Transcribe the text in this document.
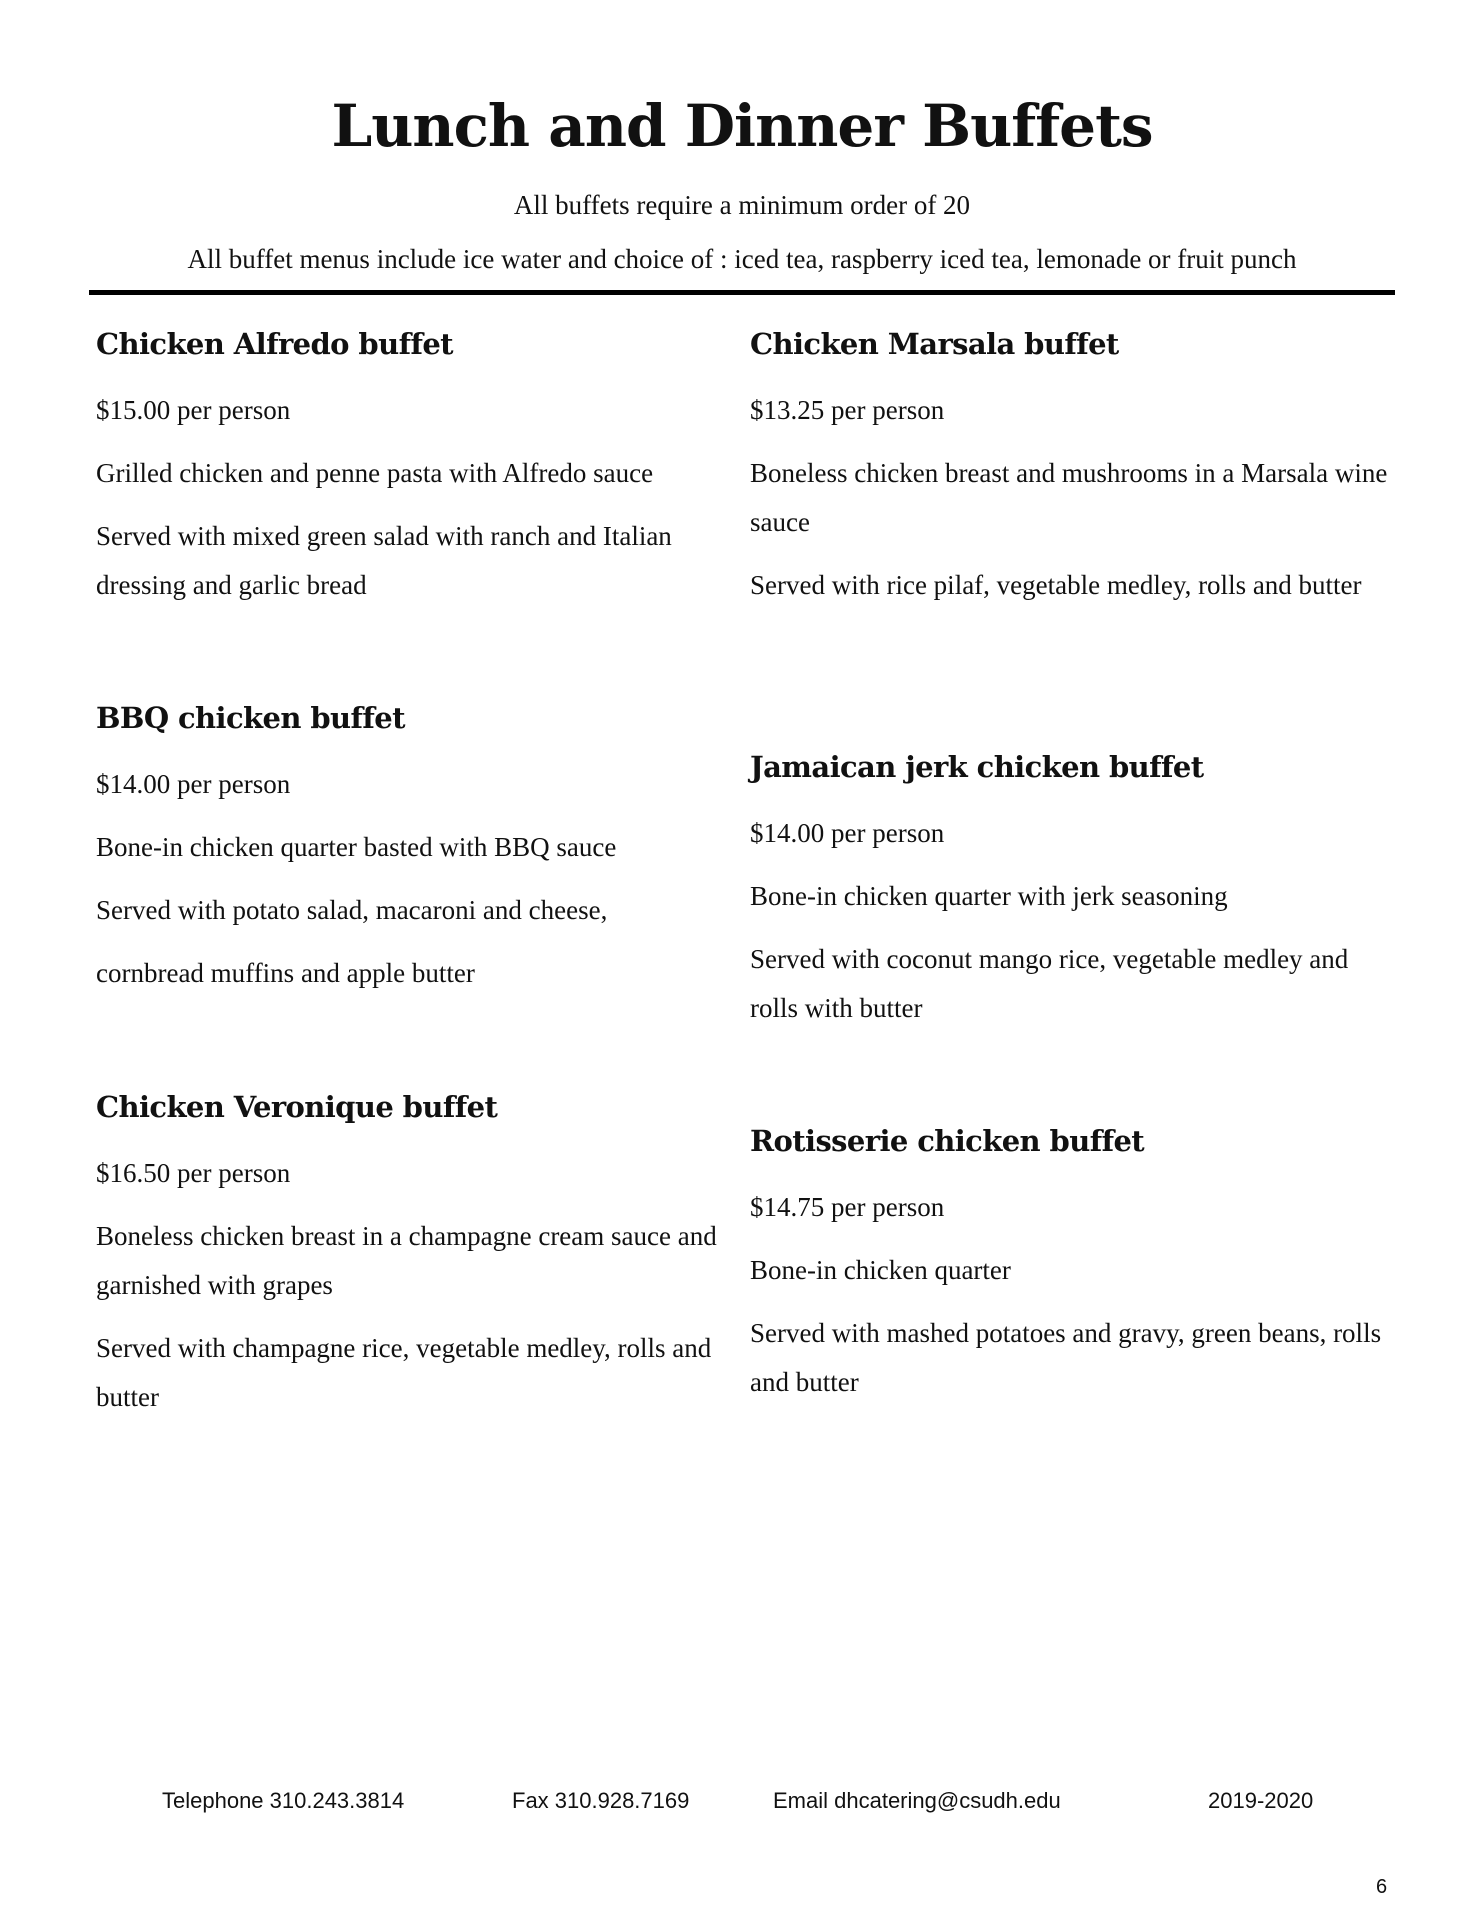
Lunch and Dinner Buffets
All buffets require a minimum order of 20
All buffet menus include ice water and choice of : iced tea, raspberry iced tea, lemonade or fruit punch
Chicken Alfredo buffet
$15.00 per person
Grilled chicken and penne pasta with Alfredo sauce
Served with mixed green salad with ranch and Italian dressing and garlic bread
BBQ chicken buffet
$14.00 per person
Bone-in chicken quarter basted with BBQ sauce
Served with potato salad, macaroni and cheese,
cornbread muffins and apple butter
Chicken Veronique buffet
$16.50 per person
Boneless chicken breast in a champagne cream sauce and garnished with grapes
Served with champagne rice, vegetable medley, rolls and butter
Chicken Marsala buffet
$13.25 per person
Boneless chicken breast and mushrooms in a Marsala wine sauce
Served with rice pilaf, vegetable medley, rolls and butter
Jamaican jerk chicken buffet
$14.00 per person
Bone-in chicken quarter with jerk seasoning
Served with coconut mango rice, vegetable medley and rolls with butter
Rotisserie chicken buffet
$14.75 per person
Bone-in chicken quarter
Served with mashed potatoes and gravy, green beans, rolls and butter
Telephone 310.243.3814	Fax 310.928.7169	Email dhcatering@csudh.edu	2019-2020
6
